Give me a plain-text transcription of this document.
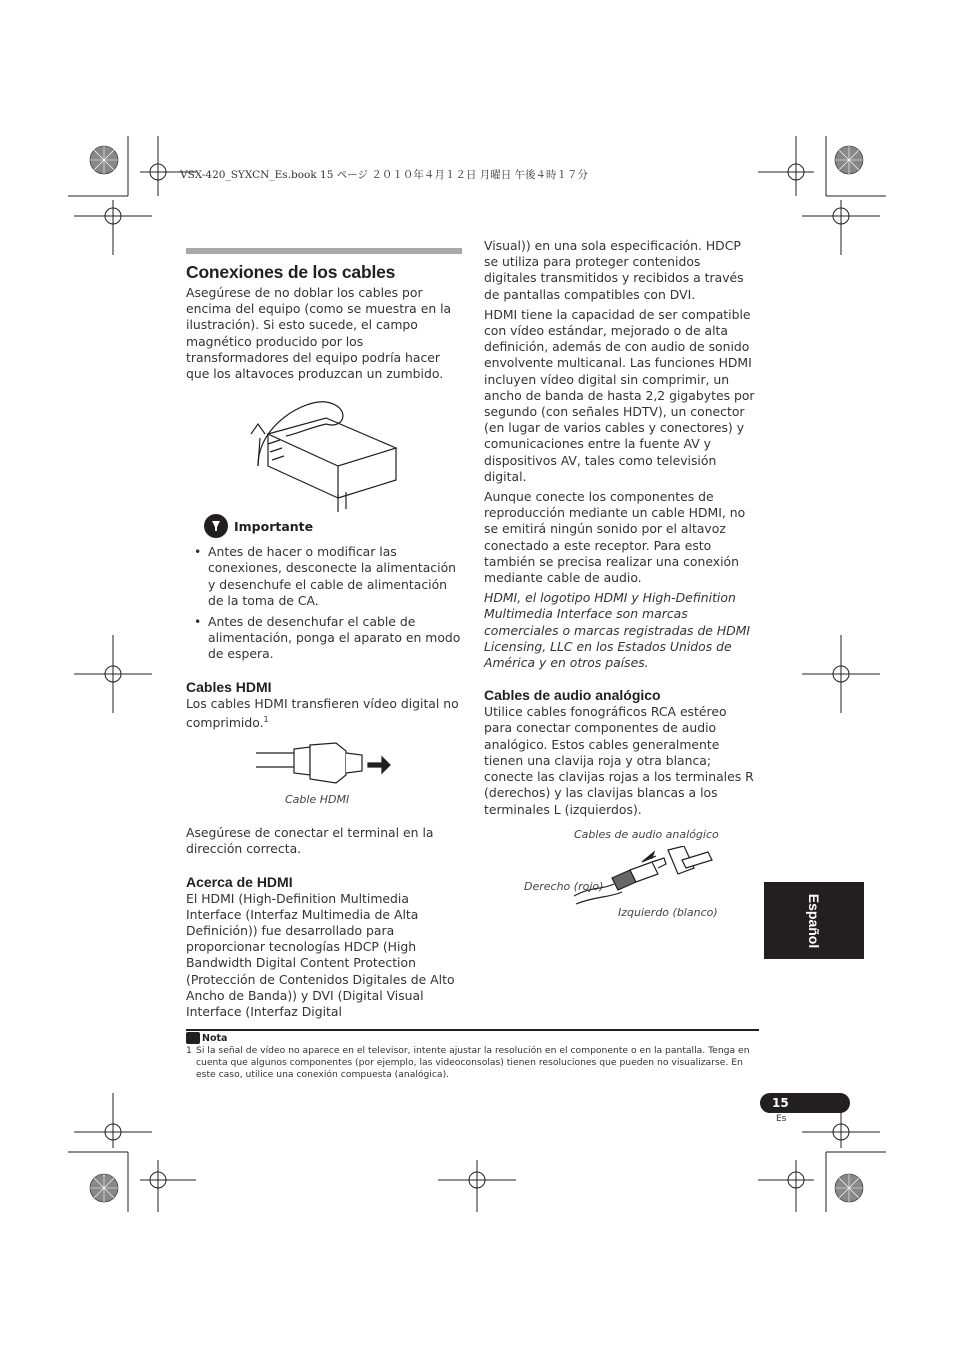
VSX-420_SYXCN_Es.book 15 ページ ２０１０年４月１２日 月曜日 午後４時１７分
Conexiones de los cables

Asegúrese de no doblar los cables por encima del equipo (como se muestra en la ilustración). Si esto sucede, el campo magnético producido por los transformadores del equipo podría hacer que los altavoces produzcan un zumbido.

Importante
• Antes de hacer o modificar las conexiones, desconecte la alimentación y desenchufe el cable de alimentación de la toma de CA.
• Antes de desenchufar el cable de alimentación, ponga el aparato en modo de espera.
Cables HDMI

Los cables HDMI transfieren vídeo digital no comprimido.$^1$

Cable HDMI

Asegúrese de conectar el terminal en la dirección correcta.

Acerca de HDMI

El HDMI (High-Definition Multimedia Interface (Interfaz Multimedia de Alta Definición)) fue desarrollado para proporcionar tecnologías HDCP (High Bandwidth Digital Content Protection (Protección de Contenidos Digitales de Alto Ancho de Banda)) y DVI (Digital Visual Interface (Interfaz Digital

Visual)) en una sola especificación. HDCP se utiliza para proteger contenidos digitales transmitidos y recibidos a través de pantallas compatibles con DVI.

HDMI tiene la capacidad de ser compatible con vídeo estándar, mejorado o de alta definición, además de con audio de sonido envolvente multicanal. Las funciones HDMI incluyen vídeo digital sin comprimir, un ancho de banda de hasta 2,2 gigabytes por segundo (con señales HDTV), un conector (en lugar de varios cables y conectores) y comunicaciones entre la fuente AV y dispositivos AV, tales como televisión digital.

Aunque conecte los componentes de reproducción mediante un cable HDMI, no se emitirá ningún sonido por el altavoz conectado a este receptor. Para esto también se precisa realizar una conexión mediante cable de audio.

HDMI, el logotipo HDMI y High-Definition Multimedia Interface son marcas comerciales o marcas registradas de HDMI Licensing, LLC en los Estados Unidos de América y en otros países.

Cables de audio analógico

Utilice cables fonográficos RCA estéreo para conectar componentes de audio analógico. Estos cables generalmente tienen una clavija roja y otra blanca; conecte las clavijas rojas a los terminales R (derechos) y las clavijas blancas a los terminales L (izquierdos).

Cables de audio analógico
Derecho (rojo)
Izquierdo (blanco)	Español
Nota
1 Si la señal de vídeo no aparece en el televisor, intente ajustar la resolución en el componente o en la pantalla. Tenga en cuenta que algunos componentes (por ejemplo, las videoconsolas) tienen resoluciones que pueden no visualizarse. En este caso, utilice una conexión compuesta (analógica).
15
Es
